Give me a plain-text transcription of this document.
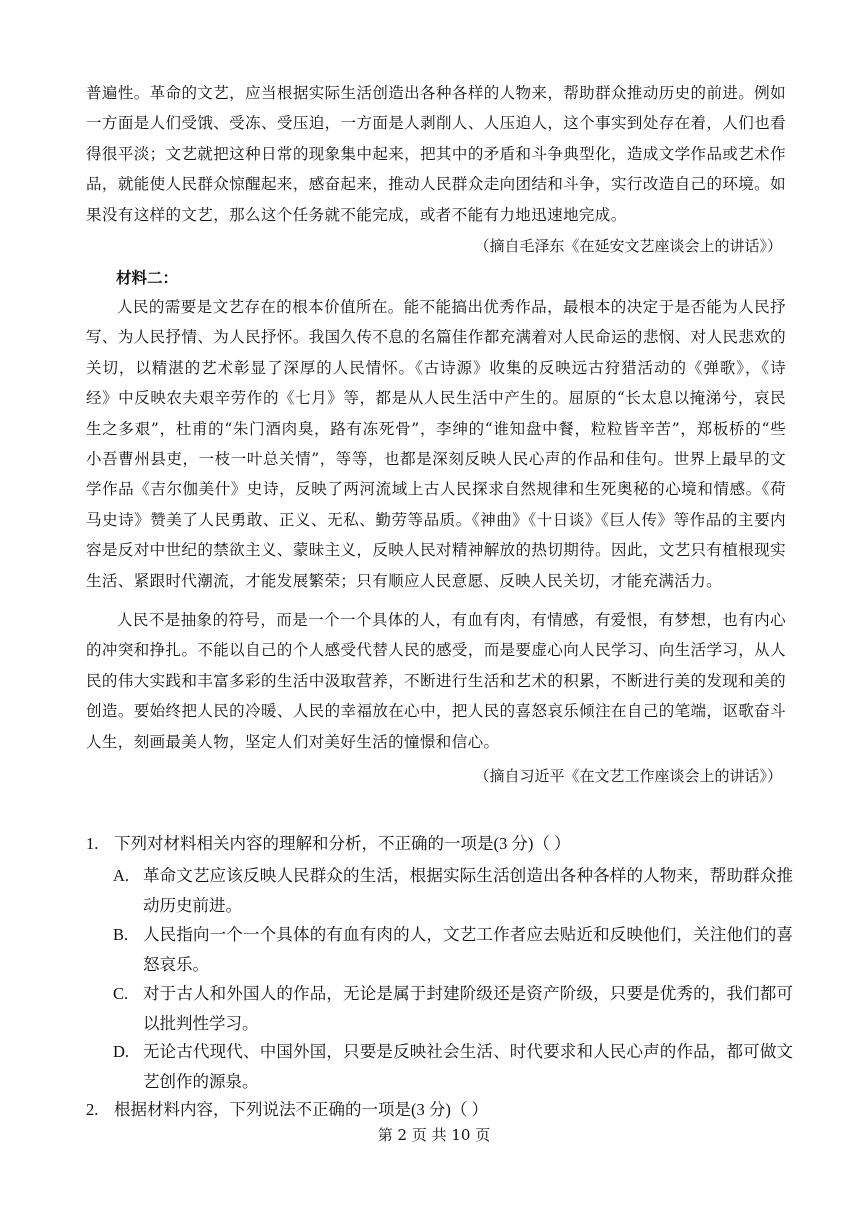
普遍性。革命的文艺，应当根据实际生活创造出各种各样的人物来，帮助群众推动历史的前进。例如一方面是人们受饿、受冻、受压迫，一方面是人剥削人、人压迫人，这个事实到处存在着，人们也看得很平淡；文艺就把这种日常的现象集中起来，把其中的矛盾和斗争典型化，造成文学作品或艺术作品，就能使人民群众惊醒起来，感奋起来，推动人民群众走向团结和斗争，实行改造自己的环境。如果没有这样的文艺，那么这个任务就不能完成，或者不能有力地迅速地完成。

（摘自毛泽东《在延安文艺座谈会上的讲话》）
材料二：

人民的需要是文艺存在的根本价值所在。能不能搞出优秀作品，最根本的决定于是否能为人民抒写、为人民抒情、为人民抒怀。我国久传不息的名篇佳作都充满着对人民命运的悲悯、对人民悲欢的关切，以精湛的艺术彰显了深厚的人民情怀。《古诗源》收集的反映远古狩猎活动的《弹歌》，《诗经》中反映农夫艰辛劳作的《七月》等，都是从人民生活中产生的。屈原的“长太息以掩涕兮，哀民生之多艰”，杜甫的“朱门酒肉臭，路有冻死骨”，李绅的“谁知盘中餐，粒粒皆辛苦”，郑板桥的“些小吾曹州县吏，一枝一叶总关情”，等等，也都是深刻反映人民心声的作品和佳句。世界上最早的文学作品《吉尔伽美什》史诗，反映了两河流域上古人民探求自然规律和生死奥秘的心境和情感。《荷马史诗》赞美了人民勇敢、正义、无私、勤劳等品质。《神曲》《十日谈》《巨人传》等作品的主要内容是反对中世纪的禁欲主义、蒙昧主义，反映人民对精神解放的热切期待。因此，文艺只有植根现实生活、紧跟时代潮流，才能发展繁荣；只有顺应人民意愿、反映人民关切，才能充满活力。

人民不是抽象的符号，而是一个一个具体的人，有血有肉，有情感，有爱恨，有梦想，也有内心的冲突和挣扎。不能以自己的个人感受代替人民的感受，而是要虚心向人民学习、向生活学习，从人民的伟大实践和丰富多彩的生活中汲取营养，不断进行生活和艺术的积累，不断进行美的发现和美的创造。要始终把人民的冷暖、人民的幸福放在心中，把人民的喜怒哀乐倾注在自己的笔端，讴歌奋斗人生，刻画最美人物，坚定人们对美好生活的憧憬和信心。

（摘自习近平《在文艺工作座谈会上的讲话》）
1. 下列对材料相关内容的理解和分析，不正确的一项是(3 分)（ ）
A. 革命文艺应该反映人民群众的生活，根据实际生活创造出各种各样的人物来，帮助群众推动历史前进。
B. 人民指向一个一个具体的有血有肉的人，文艺工作者应去贴近和反映他们，关注他们的喜怒哀乐。
C. 对于古人和外国人的作品，无论是属于封建阶级还是资产阶级，只要是优秀的，我们都可以批判性学习。
D. 无论古代现代、中国外国，只要是反映社会生活、时代要求和人民心声的作品，都可做文艺创作的源泉。
2. 根据材料内容，下列说法不正确的一项是(3 分)（ ）
第 2 页 共 10 页
